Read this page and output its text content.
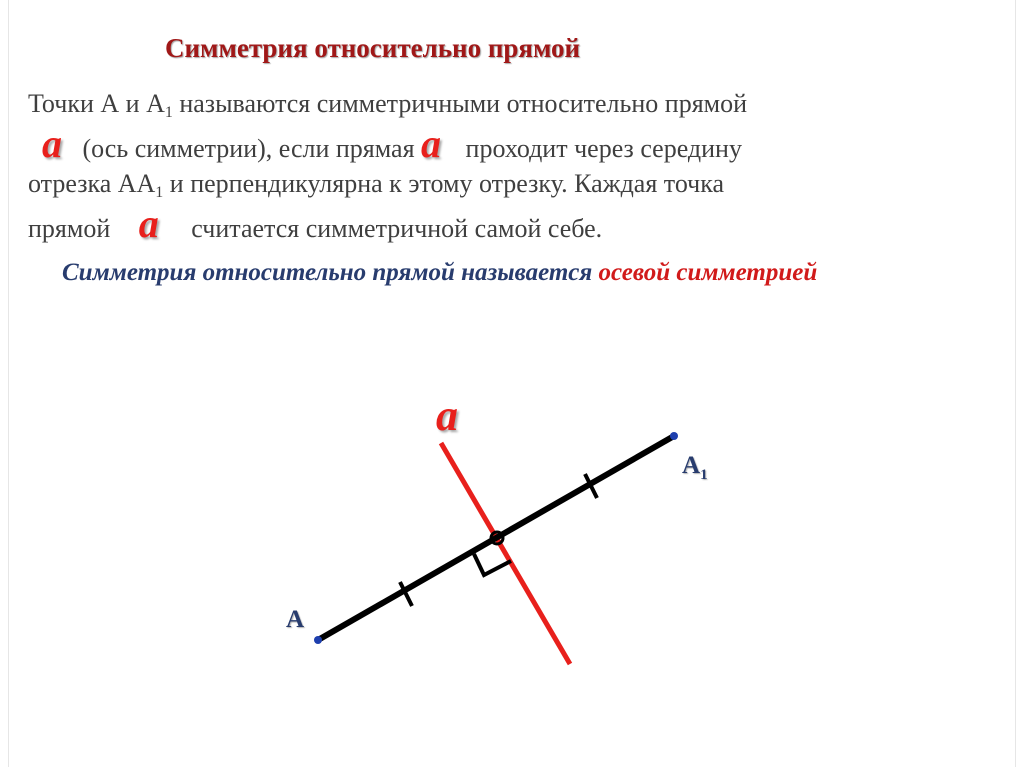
Симметрия относительно прямой
Точки А и $А_1$ называются симметричными относительно прямой
a (ось симметрии), если прямая a проходит через середину
отрезка $АА_1$ и перпендикулярна к этому отрезку. Каждая точка
прямой a считается симметричной самой себе.
Симметрия относительно прямой называется осевой симметрией
a
A
$A_1$
